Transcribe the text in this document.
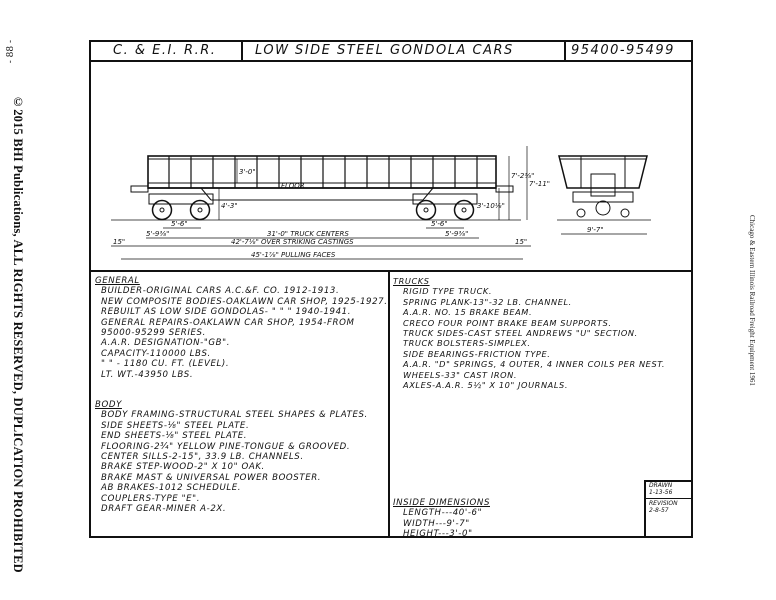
- 88 -
©2015 BHI Publications, ALL RIGHTS RESERVED, DUPLICATION PROHIBITED	Chicago & Eastern Illinois Railroad Freight Equipment 1961
C. & E.I. R.R.	LOW SIDE STEEL GONDOLA CARS	95400-95499
3'-0"
FLOOR
4'-3"
5'-6"	5'-6"
5'-9⅜"	5'-9⅜"
31'-0" TRUCK CENTERS
42'-7⅛" OVER STRIKING CASTINGS
45'-1⅞" PULLING FACES
15"	15"
7'-2⅛"
7'-11"
3'-10⅛"
9'-7"
GENERAL
BUILDER-ORIGINAL CARS A.C.&F. CO. 1912-1913.
NEW COMPOSITE BODIES-OAKLAWN CAR SHOP, 1925-1927.
REBUILT AS LOW SIDE GONDOLAS- " " " 1940-1941.
GENERAL REPAIRS-OAKLAWN CAR SHOP, 1954-FROM
95000-95299 SERIES.
A.A.R. DESIGNATION-"GB".
CAPACITY-110000 LBS.
" " - 1180 CU. FT. (LEVEL).
LT. WT.-43950 LBS.
BODY
BODY FRAMING-STRUCTURAL STEEL SHAPES & PLATES.
SIDE SHEETS-⅛" STEEL PLATE.
END SHEETS-⅛" STEEL PLATE.
FLOORING-2¾" YELLOW PINE-TONGUE & GROOVED.
CENTER SILLS-2-15", 33.9 LB. CHANNELS.
BRAKE STEP-WOOD-2" X 10" OAK.
BRAKE MAST & UNIVERSAL POWER BOOSTER.
AB BRAKES-1012 SCHEDULE.
COUPLERS-TYPE "E".
DRAFT GEAR-MINER A-2X.
TRUCKS
RIGID TYPE TRUCK.
SPRING PLANK-13"-32 LB. CHANNEL.
A.A.R. NO. 15 BRAKE BEAM.
CRECO FOUR POINT BRAKE BEAM SUPPORTS.
TRUCK SIDES-CAST STEEL ANDREWS "U" SECTION.
TRUCK BOLSTERS-SIMPLEX.
SIDE BEARINGS-FRICTION TYPE.
A.A.R. "D" SPRINGS, 4 OUTER, 4 INNER COILS PER NEST.
WHEELS-33" CAST IRON.
AXLES-A.A.R. 5½" X 10" JOURNALS.
INSIDE DIMENSIONS
LENGTH---40'-6"
WIDTH---9'-7"
HEIGHT---3'-0"
DRAWN
1-13-56
REVISION
2-8-57
